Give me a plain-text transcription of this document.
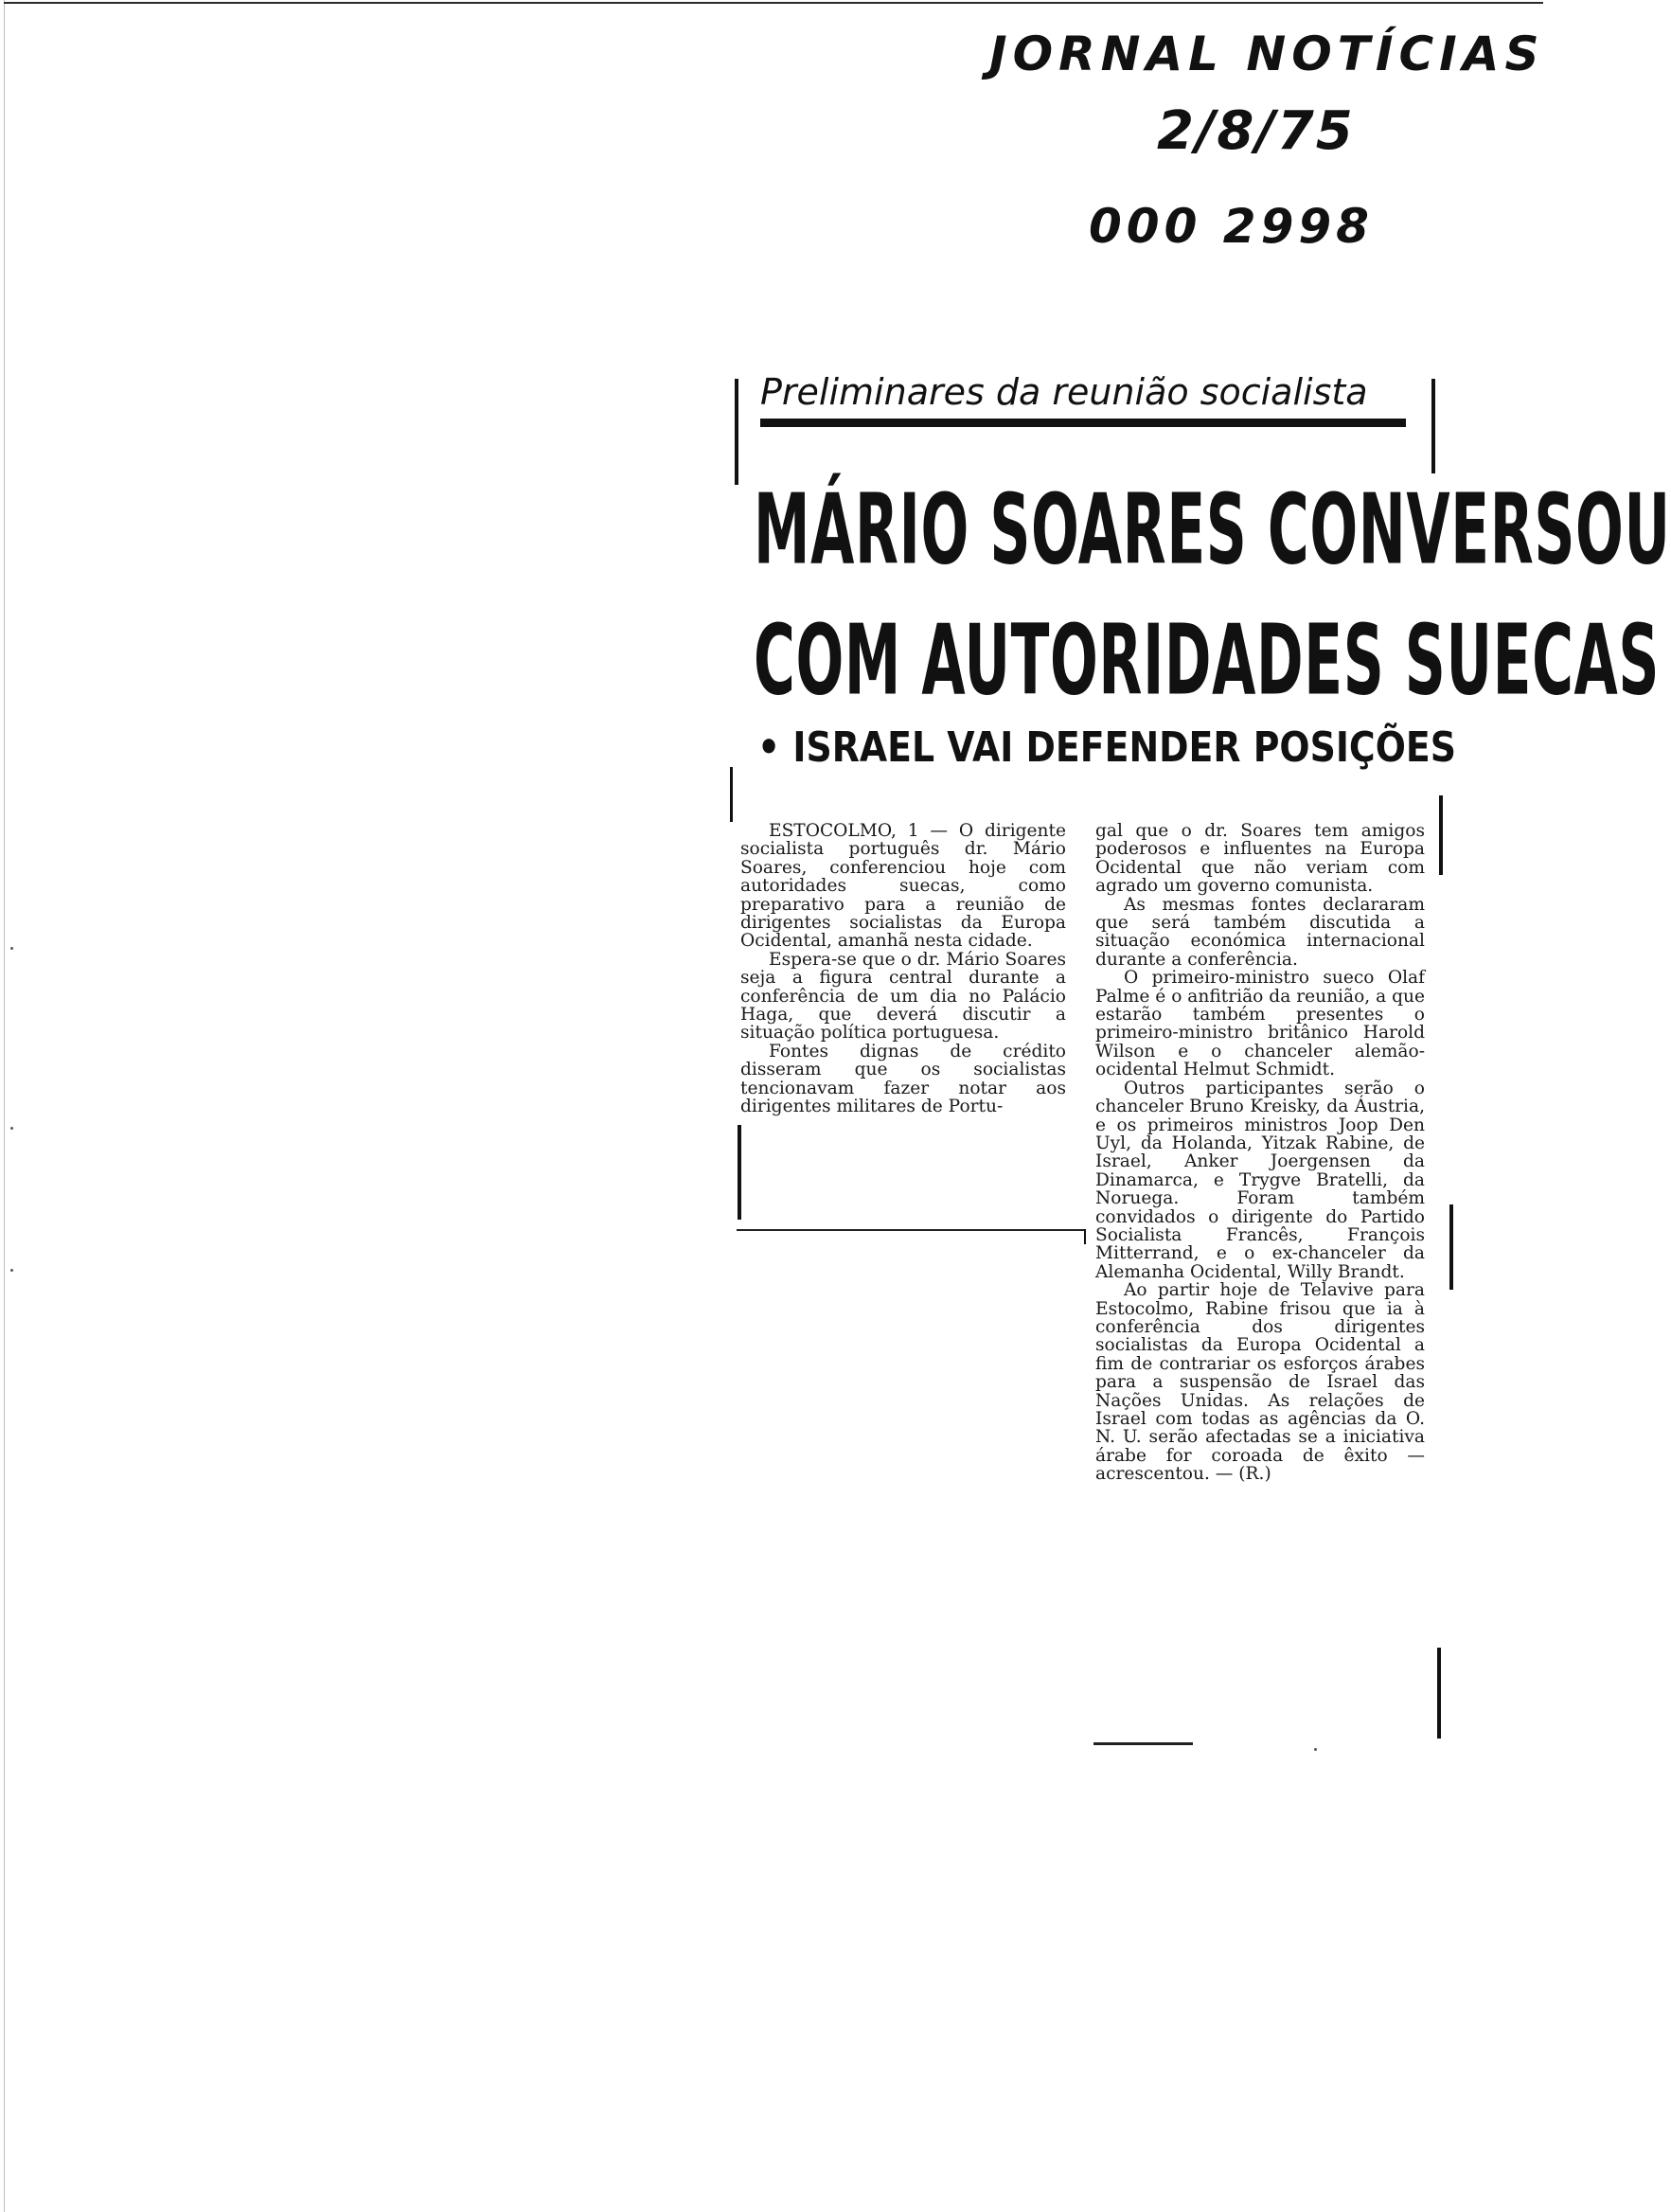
JORNAL NOTÍCIAS
2/8/75
000 2998
Preliminares da reunião socialista
MÁRIO SOARES CONVERSOU
COM AUTORIDADES SUECAS
• ISRAEL VAI DEFENDER POSIÇÕES

ESTOCOLMO, 1 — O dirigente socialista português dr. Mário Soares, conferenciou hoje com autoridades suecas, como preparativo para a reunião de dirigentes socialistas da Europa Ocidental, amanhã nesta cidade.

Espera-se que o dr. Mário Soares seja a figura central durante a conferência de um dia no Palácio Haga, que deverá discutir a situação política portuguesa.

Fontes dignas de crédito disseram que os socialistas tencionavam fazer notar aos dirigentes militares de Portu-

gal que o dr. Soares tem amigos poderosos e influentes na Europa Ocidental que não veriam com agrado um governo comunista.

As mesmas fontes declararam que será também discutida a situação económica internacional durante a conferência.

O primeiro-ministro sueco Olaf Palme é o anfitrião da reunião, a que estarão também presentes o primeiro-ministro britânico Harold Wilson e o chanceler alemão-ocidental Helmut Schmidt.

Outros participantes serão o chanceler Bruno Kreisky, da Áustria, e os primeiros ministros Joop Den Uyl, da Holanda, Yitzak Rabine, de Israel, Anker Joergensen da Dinamarca, e Trygve Bratelli, da Noruega. Foram também convidados o dirigente do Partido Socialista Francês, François Mitterrand, e o ex-chanceler da Alemanha Ocidental, Willy Brandt.

Ao partir hoje de Telavive para Estocolmo, Rabine frisou que ia à conferência dos dirigentes socialistas da Europa Ocidental a fim de contrariar os esforços árabes para a suspensão de Israel das Nações Unidas. As relações de Israel com todas as agências da O. N. U. serão afectadas se a iniciativa árabe for coroada de êxito — acrescentou. — (R.)
